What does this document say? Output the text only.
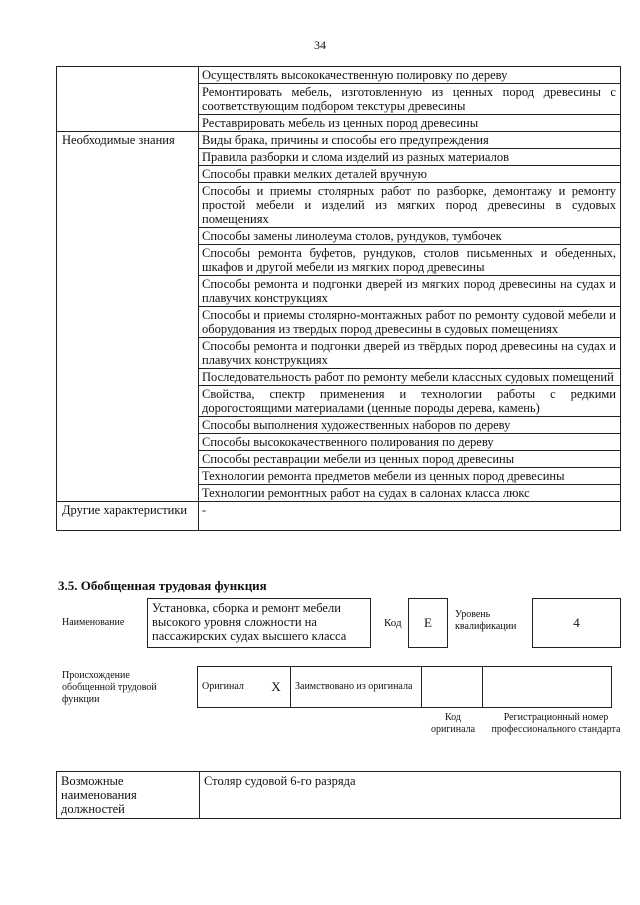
34
	Осуществлять высококачественную полировку по дереву
	Ремонтировать мебель, изготовленную из ценных пород древесины с соответствующим подбором текстуры древесины
	Реставрировать мебель из ценных пород древесины
Необходимые знания	Виды брака, причины и способы его предупреждения
	Правила разборки и слома изделий из разных материалов
	Способы правки мелких деталей вручную
	Способы и приемы столярных работ по разборке, демонтажу и ремонту простой мебели и изделий из мягких пород древесины в судовых помещениях
	Способы замены линолеума столов, рундуков, тумбочек
	Способы ремонта буфетов, рундуков, столов письменных и обеденных, шкафов и другой мебели из мягких пород древесины
	Способы ремонта и подгонки дверей из мягких пород древесины на судах и плавучих конструкциях
	Способы и приемы столярно-монтажных работ по ремонту судовой мебели и оборудования из твердых пород древесины в судовых помещениях
	Способы ремонта и подгонки дверей из твёрдых пород древесины на судах и плавучих конструкциях
	Последовательность работ по ремонту мебели классных судовых помещений
	Свойства, спектр применения и технологии работы с редкими дорогостоящими материалами (ценные породы дерева, камень)
	Способы выполнения художественных наборов по дереву
	Способы высококачественного полирования по дереву
	Способы реставрации мебели из ценных пород древесины
	Технологии ремонта предметов мебели из ценных пород древесины
	Технологии ремонтных работ на судах в салонах класса люкс
Другие характеристики	-
3.5. Обобщенная трудовая функция
Наименование
Установка, сборка и ремонт мебели высокого уровня сложности на пассажирских судах высшего класса
Код	E
Уровень квалификации	4
Происхождение обобщенной трудовой функции
Оригинал	X	Заимствовано из оригинала		
Код оригинала
Регистрационный номер профессионального стандарта
Возможные наименования должностей	Столяр судовой 6-го разряда
